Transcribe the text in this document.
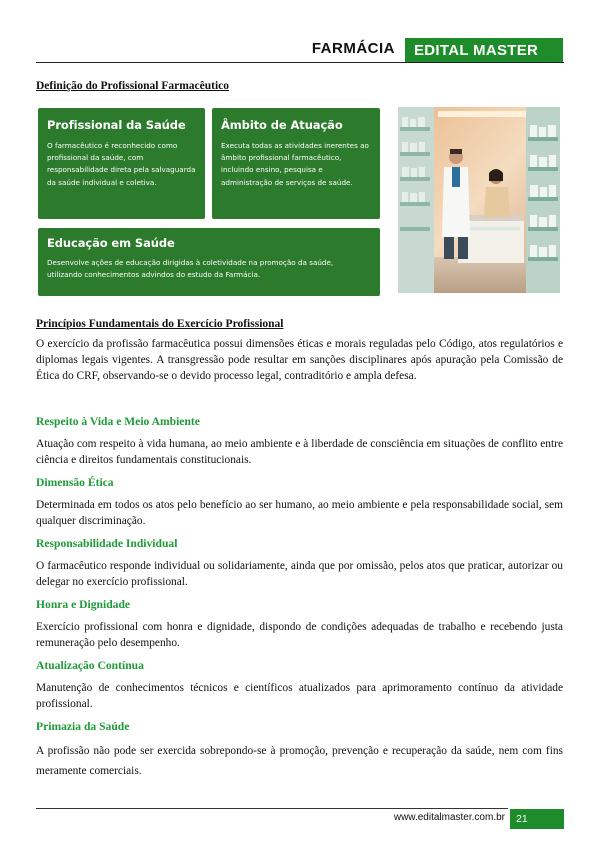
FARMÁCIA	EDITAL MASTER
Definição do Profissional Farmacêutico
Profissional da Saúde

O farmacêutico é reconhecido como profissional da saúde, com responsabilidade direta pela salvaguarda da saúde individual e coletiva.

Âmbito de Atuação

Executa todas as atividades inerentes ao âmbito profissional farmacêutico, incluindo ensino, pesquisa e administração de serviços de saúde.

Educação em Saúde

Desenvolve ações de educação dirigidas à coletividade na promoção da saúde, utilizando conhecimentos advindos do estudo da Farmácia.

Princípios Fundamentais do Exercício Profissional
O exercício da profissão farmacêutica possui dimensões éticas e morais reguladas pelo Código, atos regulatórios e diplomas legais vigentes. A transgressão pode resultar em sanções disciplinares após apuração pela Comissão de Ética do CRF, observando-se o devido processo legal, contraditório e ampla defesa.
Respeito à Vida e Meio Ambiente
Atuação com respeito à vida humana, ao meio ambiente e à liberdade de consciência em situações de conflito entre ciência e direitos fundamentais constitucionais.
Dimensão Ética
Determinada em todos os atos pelo benefício ao ser humano, ao meio ambiente e pela responsabilidade social, sem qualquer discriminação.
Responsabilidade Individual
O farmacêutico responde individual ou solidariamente, ainda que por omissão, pelos atos que praticar, autorizar ou delegar no exercício profissional.
Honra e Dignidade
Exercício profissional com honra e dignidade, dispondo de condições adequadas de trabalho e recebendo justa remuneração pelo desempenho.
Atualização Contínua
Manutenção de conhecimentos técnicos e científicos atualizados para aprimoramento contínuo da atividade profissional.
Primazia da Saúde
A profissão não pode ser exercida sobrepondo-se à promoção, prevenção e recuperação da saúde, nem com fins meramente comerciais.
www.editalmaster.com.br	21
